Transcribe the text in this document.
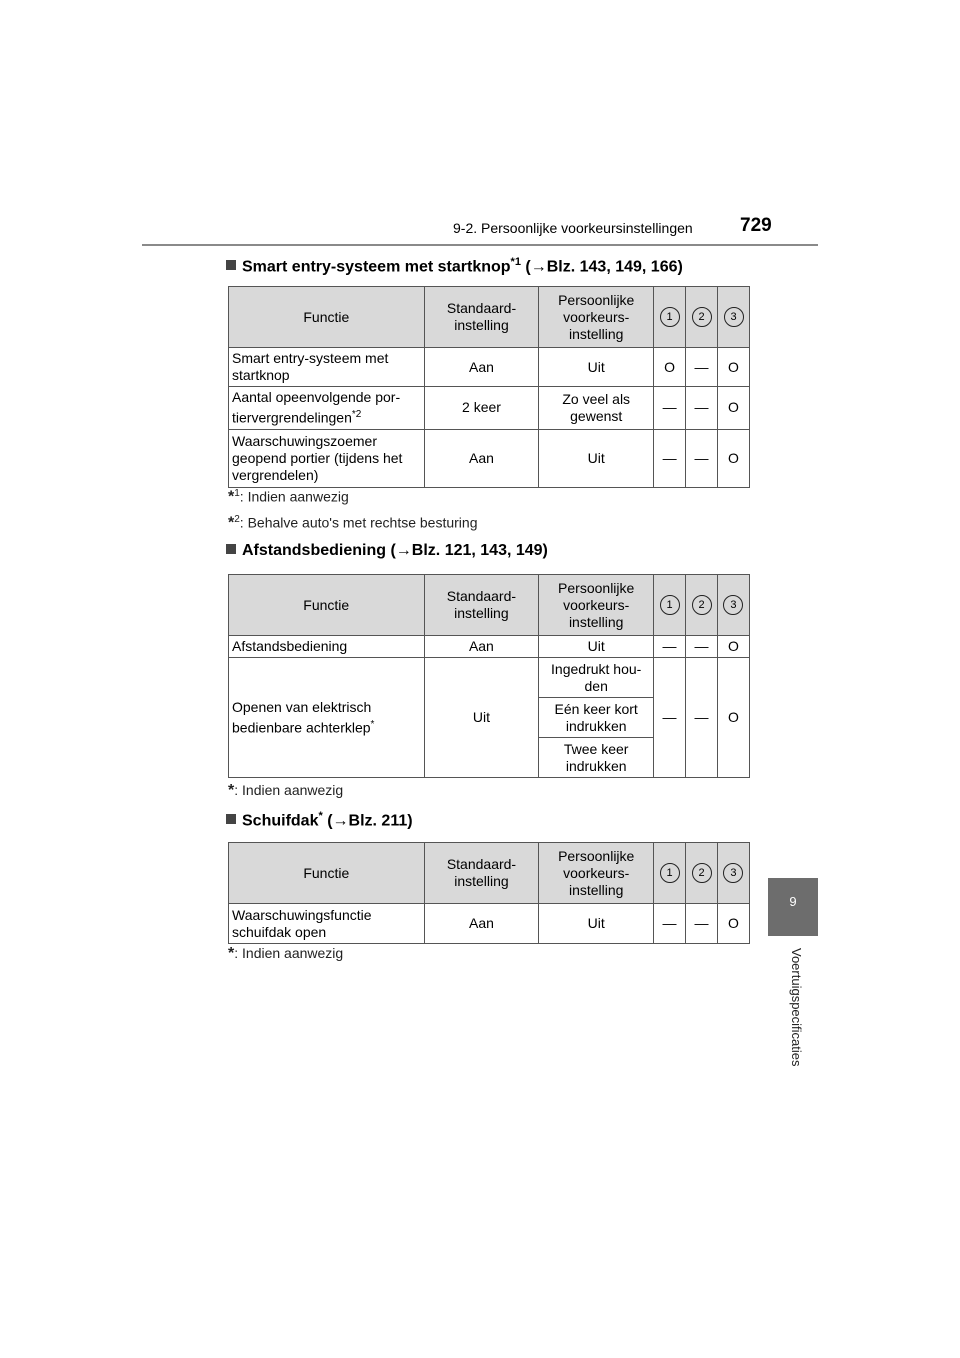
9-2. Persoonlijke voorkeursinstellingen 729
9
Voertuigspecificaties
Smart entry-systeem met startknop$^{*1}$ (→Blz. 143, 149, 166)
Functie	Standaard-instelling	Persoonlijke voorkeurs-instelling	1	2	3
Smart entry-systeem met startknop	Aan	Uit	O	—	O
Aantal opeenvolgende por-tiervergrendelingen$^{*2}$	2 keer	Zo veel als gewenst	—	—	O
Waarschuwingszoemer geopend portier (tijdens het vergrendelen)	Aan	Uit	—	—	O
*$^1$: Indien aanwezig
*$^2$: Behalve auto's met rechtse besturing
Afstandsbediening (→Blz. 121, 143, 149)
Functie	Standaard-instelling	Persoonlijke voorkeurs-instelling	1	2	3
Afstandsbediening	Aan	Uit	—	—	O
Openen van elektrisch bedienbare achterklep*	Uit	Ingedrukt hou-den	—	—	O
		Eén keer kort indrukken			
		Twee keer indrukken			
*: Indien aanwezig
Schuifdak* (→Blz. 211)
Functie	Standaard-instelling	Persoonlijke voorkeurs-instelling	1	2	3
Waarschuwingsfunctie schuifdak open	Aan	Uit	—	—	O
*: Indien aanwezig
